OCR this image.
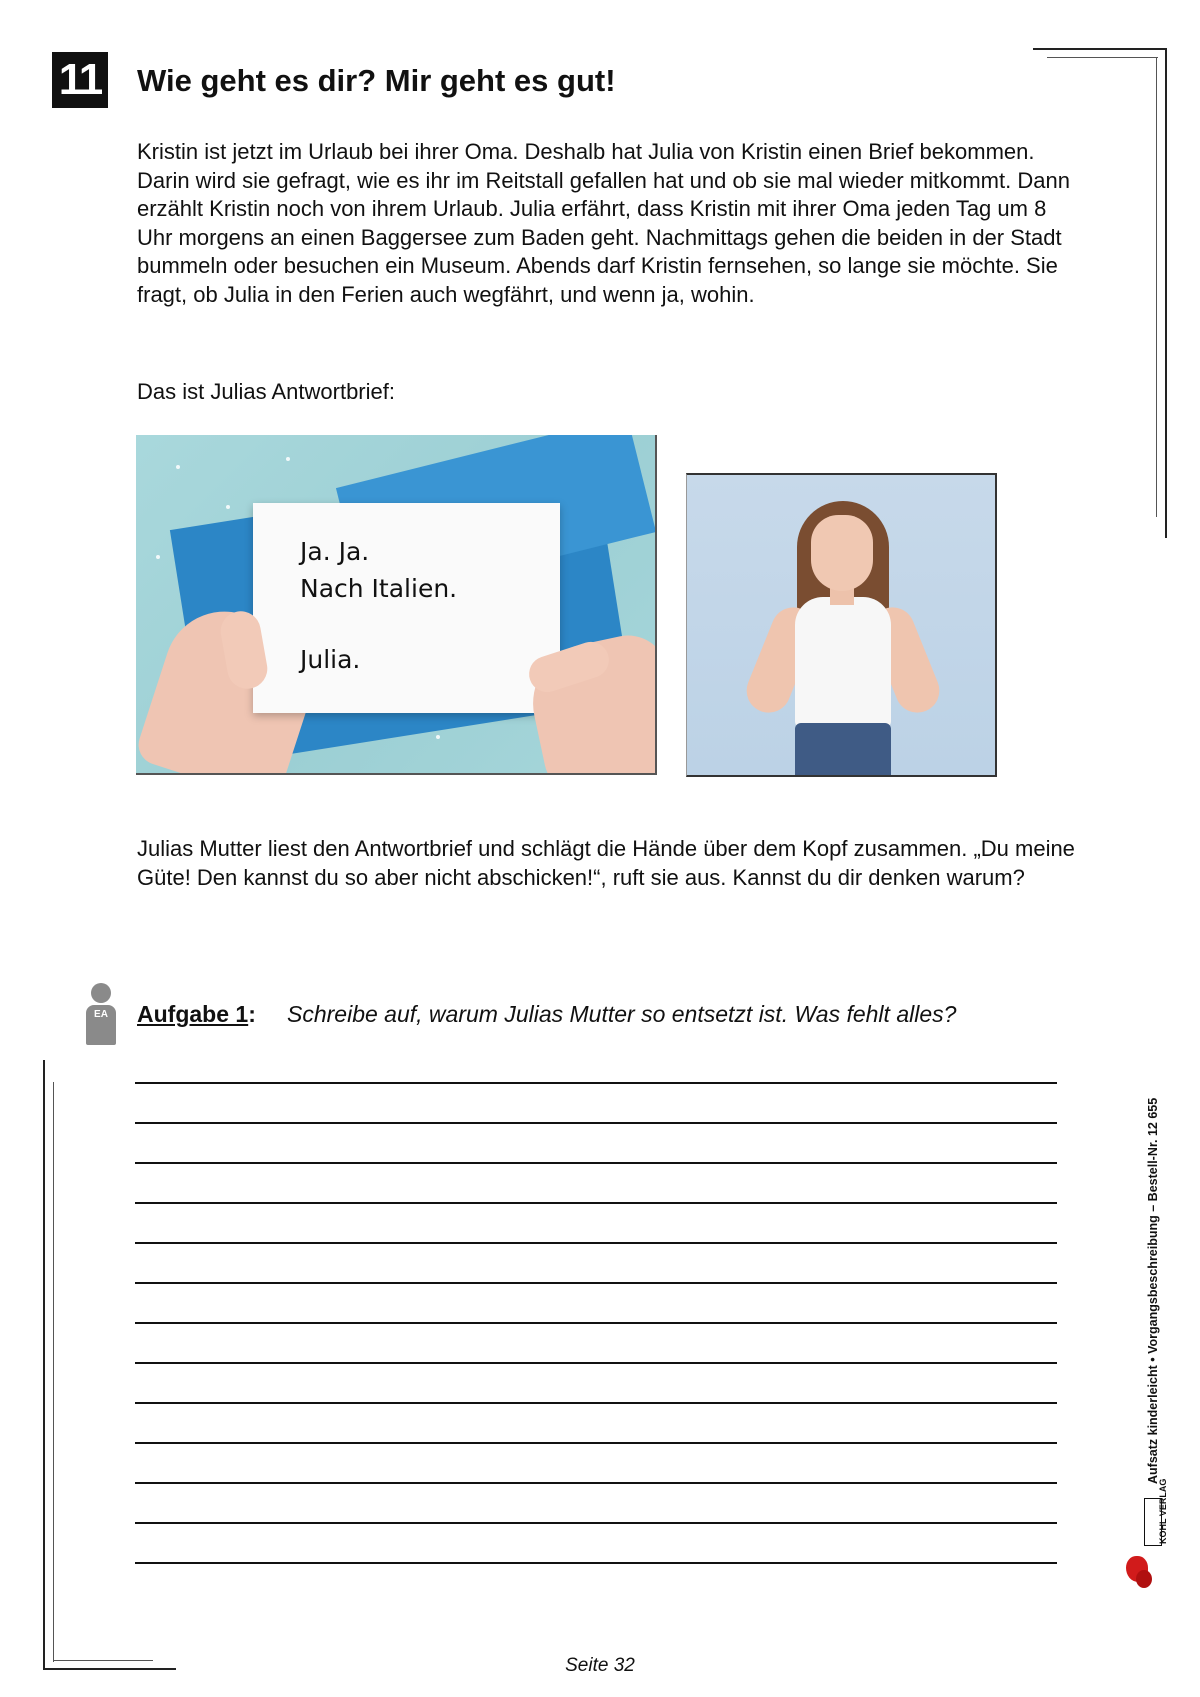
11 Wie geht es dir? Mir geht es gut!

Kristin ist jetzt im Urlaub bei ihrer Oma. Deshalb hat Julia von Kristin einen Brief bekommen. Darin wird sie gefragt, wie es ihr im Reitstall gefallen hat und ob sie mal wieder mitkommt. Dann erzählt Kristin noch von ihrem Urlaub. Julia erfährt, dass Kristin mit ihrer Oma jeden Tag um 8 Uhr morgens an einen Baggersee zum Baden geht. Nachmittags gehen die beiden in der Stadt bummeln oder besuchen ein Museum. Abends darf Kristin fernsehen, so lange sie möchte. Sie fragt, ob Julia in den Ferien auch wegfährt, und wenn ja, wohin.

Das ist Julias Antwortbrief:
Ja. Ja.
Nach Italien.
Julia.

Julias Mutter liest den Antwortbrief und schlägt die Hände über dem Kopf zusammen. „Du meine Güte! Den kannst du so aber nicht abschicken!“, ruft sie aus. Kannst du dir denken warum?

EA	Aufgabe 1: Schreibe auf, warum Julias Mutter so entsetzt ist. Was fehlt alles?
Aufsatz kinderleicht • Vorgangsbeschreibung – Bestell-Nr. 12 655
KOHL VERLAG
Seite 32
